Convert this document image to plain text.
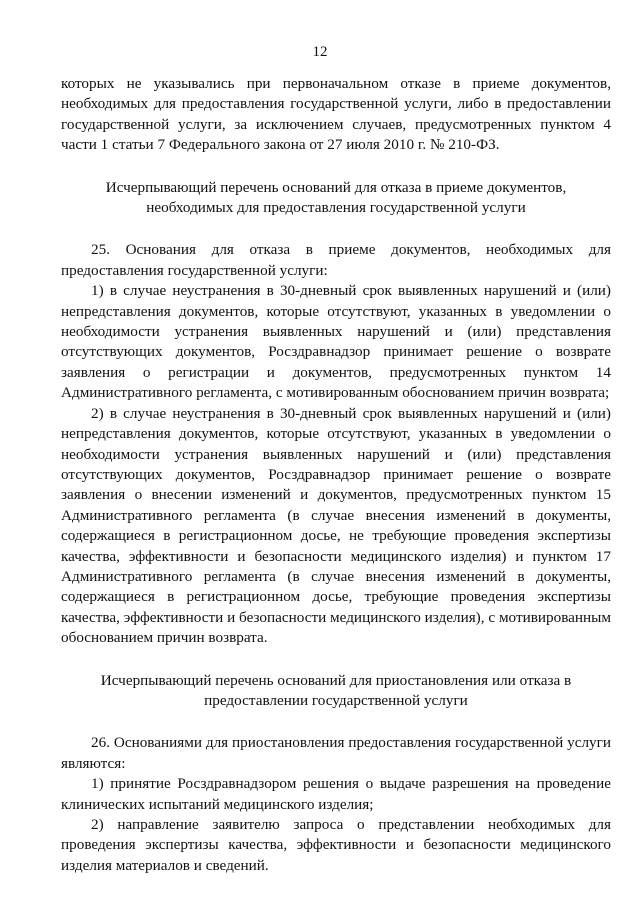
12

которых не указывались при первоначальном отказе в приеме документов, необходимых для предоставления государственной услуги, либо в предоставлении государственной услуги, за исключением случаев, предусмотренных пунктом 4 части 1 статьи 7 Федерального закона от 27 июля 2010 г. № 210-ФЗ.

Исчерпывающий перечень оснований для отказа в приеме документов, необходимых для предоставления государственной услуги

25. Основания для отказа в приеме документов, необходимых для предоставления государственной услуги:

1) в случае неустранения в 30-дневный срок выявленных нарушений и (или) непредставления документов, которые отсутствуют, указанных в уведомлении о необходимости устранения выявленных нарушений и (или) представления отсутствующих документов, Росздравнадзор принимает решение о возврате заявления о регистрации и документов, предусмотренных пунктом 14 Административного регламента, с мотивированным обоснованием причин возврата;

2) в случае неустранения в 30-дневный срок выявленных нарушений и (или) непредставления документов, которые отсутствуют, указанных в уведомлении о необходимости устранения выявленных нарушений и (или) представления отсутствующих документов, Росздравнадзор принимает решение о возврате заявления о внесении изменений и документов, предусмотренных пунктом 15 Административного регламента (в случае внесения изменений в документы, содержащиеся в регистрационном досье, не требующие проведения экспертизы качества, эффективности и безопасности медицинского изделия) и пунктом 17 Административного регламента (в случае внесения изменений в документы, содержащиеся в регистрационном досье, требующие проведения экспертизы качества, эффективности и безопасности медицинского изделия), с мотивированным обоснованием причин возврата.

Исчерпывающий перечень оснований для приостановления или отказа в предоставлении государственной услуги

26. Основаниями для приостановления предоставления государственной услуги являются:

1) принятие Росздравнадзором решения о выдаче разрешения на проведение клинических испытаний медицинского изделия;

2) направление заявителю запроса о представлении необходимых для проведения экспертизы качества, эффективности и безопасности медицинского изделия материалов и сведений.
